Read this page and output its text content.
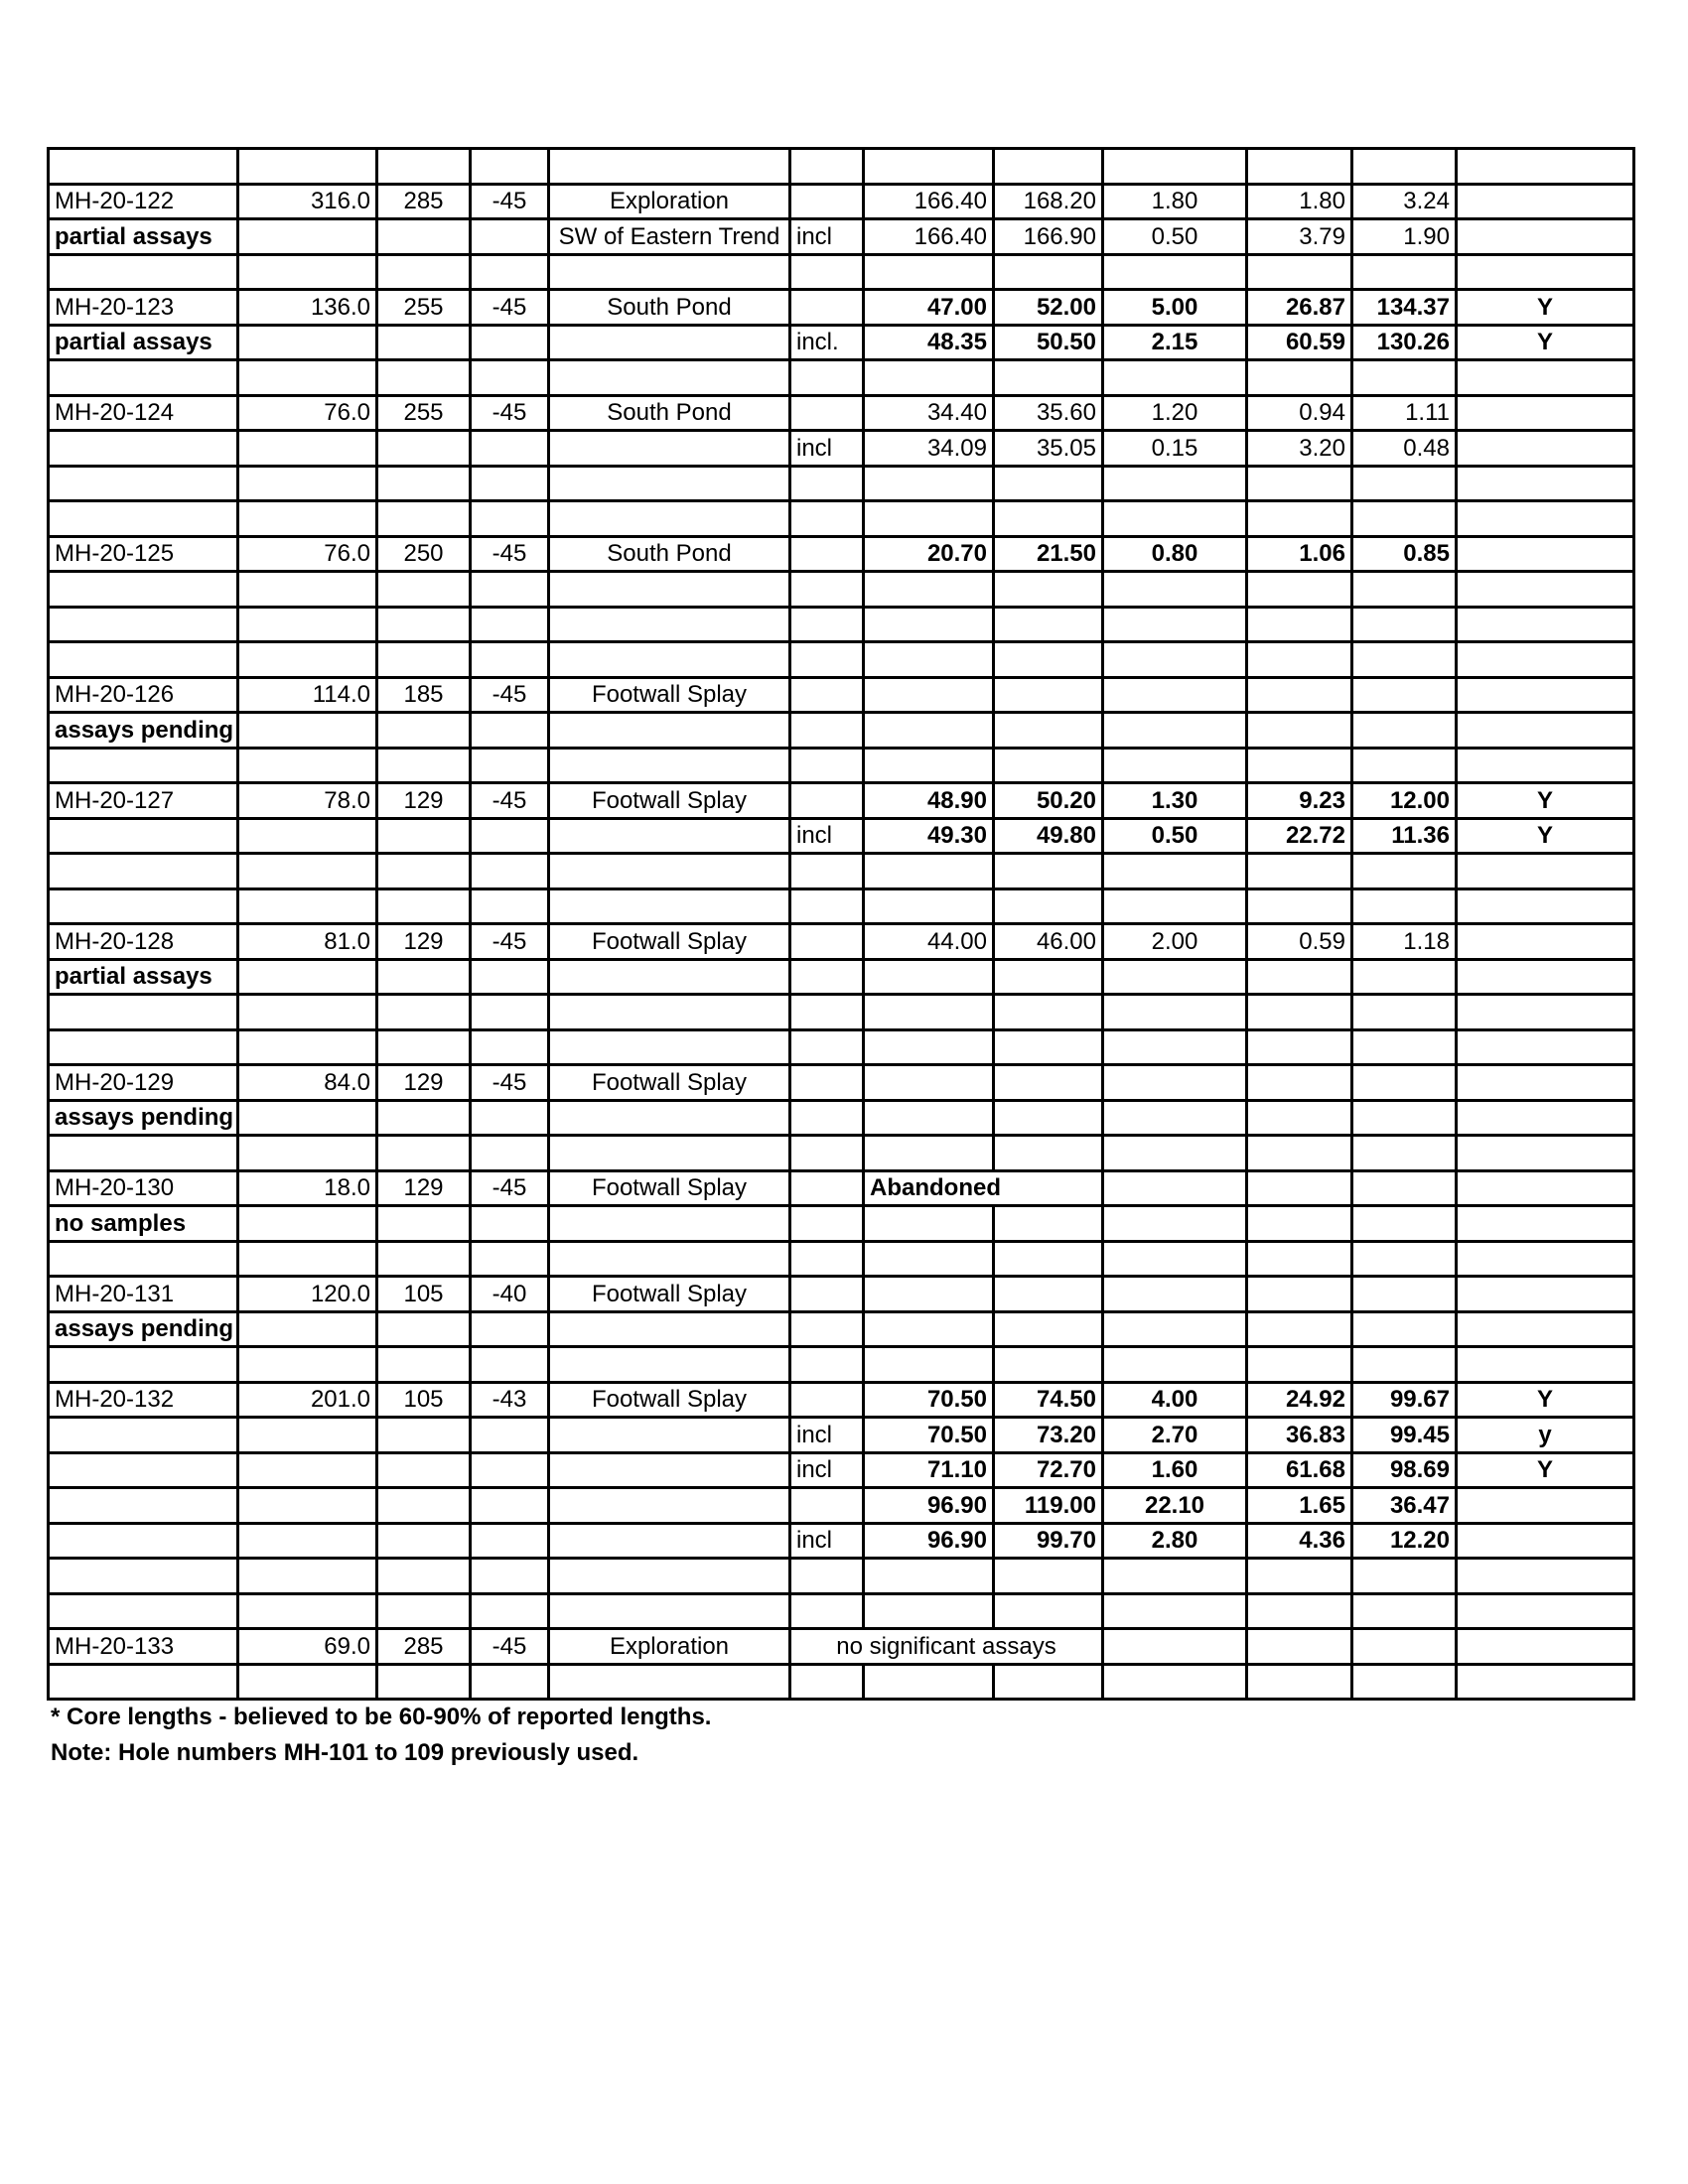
MH-20-122	316.0	285	-45	Exploration		166.40	168.20	1.80	1.80	3.24	
partial assays				SW of Eastern Trend	incl	166.40	166.90	0.50	3.79	1.90	

MH-20-123	136.0	255	-45	South Pond		47.00	52.00	5.00	26.87	134.37	Y
partial assays					incl.	48.35	50.50	2.15	60.59	130.26	Y

MH-20-124	76.0	255	-45	South Pond		34.40	35.60	1.20	0.94	1.11	
					incl	34.09	35.05	0.15	3.20	0.48	

MH-20-125	76.0	250	-45	South Pond		20.70	21.50	0.80	1.06	0.85	

MH-20-126	114.0	185	-45	Footwall Splay							
assays pending											

MH-20-127	78.0	129	-45	Footwall Splay		48.90	50.20	1.30	9.23	12.00	Y
					incl	49.30	49.80	0.50	22.72	11.36	Y

MH-20-128	81.0	129	-45	Footwall Splay		44.00	46.00	2.00	0.59	1.18	
partial assays											

MH-20-129	84.0	129	-45	Footwall Splay							
assays pending											

MH-20-130	18.0	129	-45	Footwall Splay		Abandoned					
no samples											

MH-20-131	120.0	105	-40	Footwall Splay							
assays pending											

MH-20-132	201.0	105	-43	Footwall Splay		70.50	74.50	4.00	24.92	99.67	Y
					incl	70.50	73.20	2.70	36.83	99.45	y
					incl	71.10	72.70	1.60	61.68	98.69	Y
						96.90	119.00	22.10	1.65	36.47	
					incl	96.90	99.70	2.80	4.36	12.20	

MH-20-133	69.0	285	-45	Exploration	no significant assays						

* Core lengths - believed to be 60-90% of reported lengths.
Note: Hole numbers MH-101 to 109 previously used.
